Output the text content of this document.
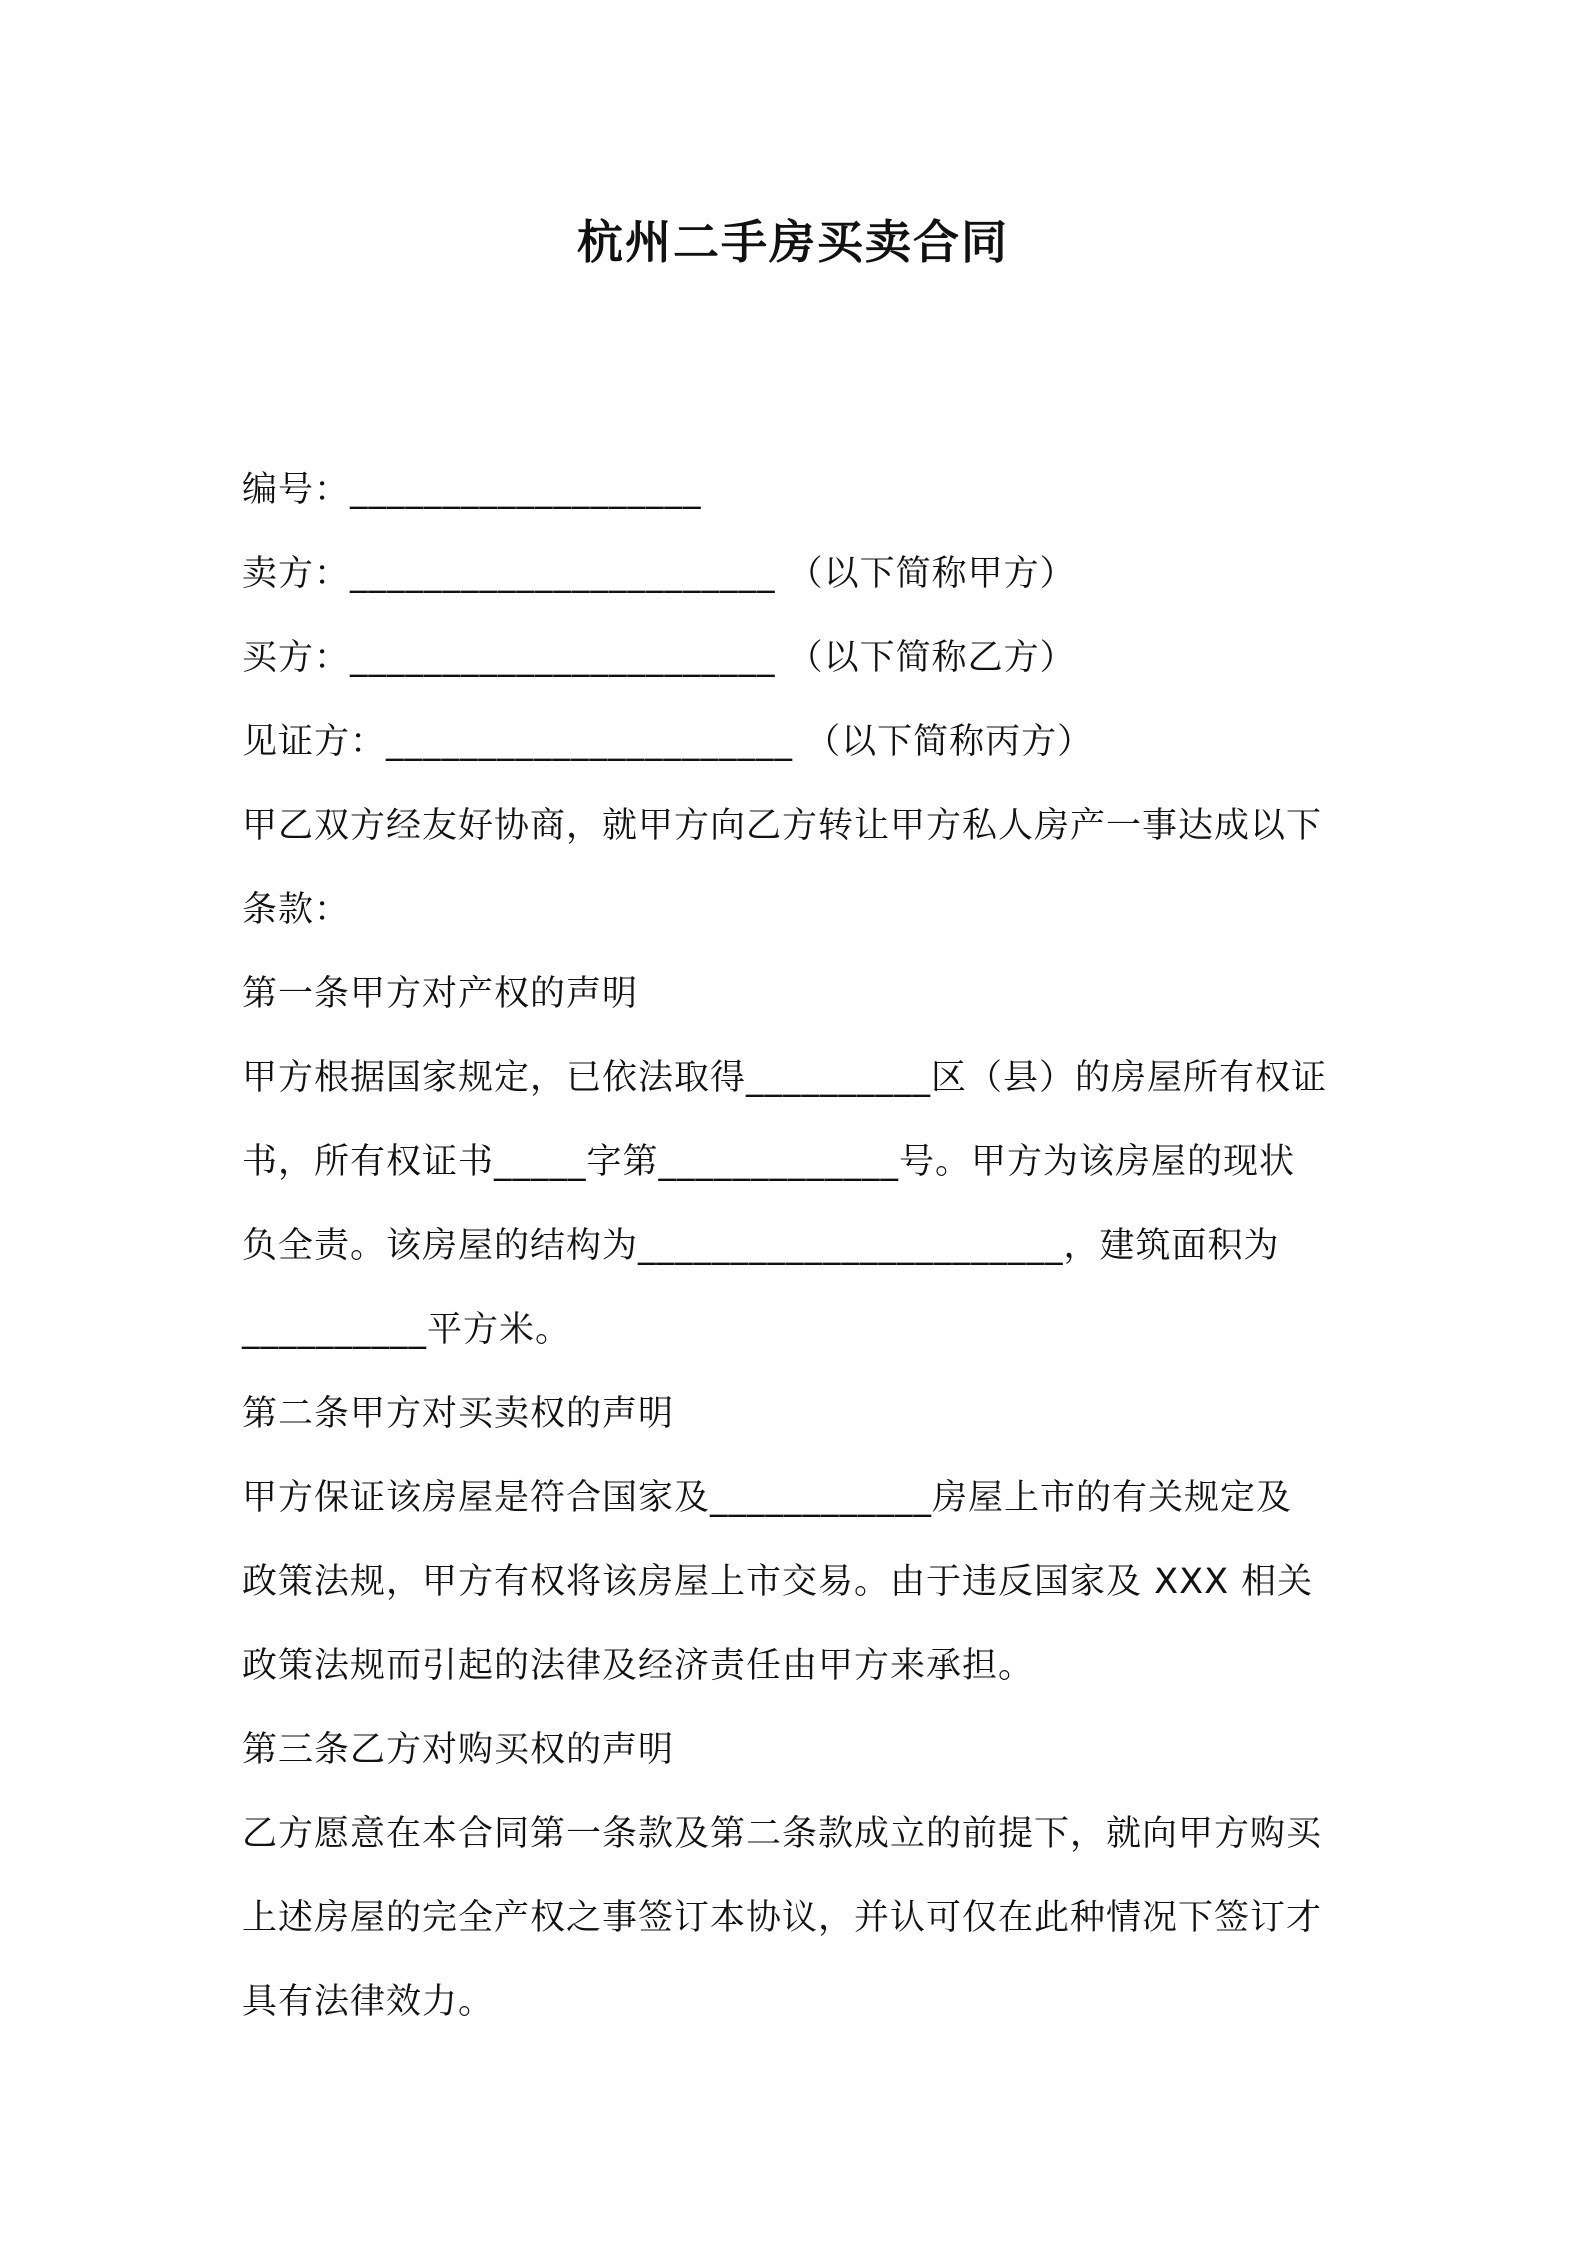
杭州二手房买卖合同
编号：___________________
卖方：_______________________ （以下简称甲方）
买方：_______________________ （以下简称乙方）
见证方：______________________ （以下简称丙方）
甲乙双方经友好协商，就甲方向乙方转让甲方私人房产一事达成以下
条款：
第一条甲方对产权的声明
甲方根据国家规定，已依法取得__________区（县）的房屋所有权证
书，所有权证书_____字第_____________号。甲方为该房屋的现状
负全责。该房屋的结构为_______________________，建筑面积为
__________平方米。
第二条甲方对买卖权的声明
甲方保证该房屋是符合国家及____________房屋上市的有关规定及
政策法规，甲方有权将该房屋上市交易。由于违反国家及 XXX 相关
政策法规而引起的法律及经济责任由甲方来承担。
第三条乙方对购买权的声明
乙方愿意在本合同第一条款及第二条款成立的前提下，就向甲方购买
上述房屋的完全产权之事签订本协议，并认可仅在此种情况下签订才
具有法律效力。
